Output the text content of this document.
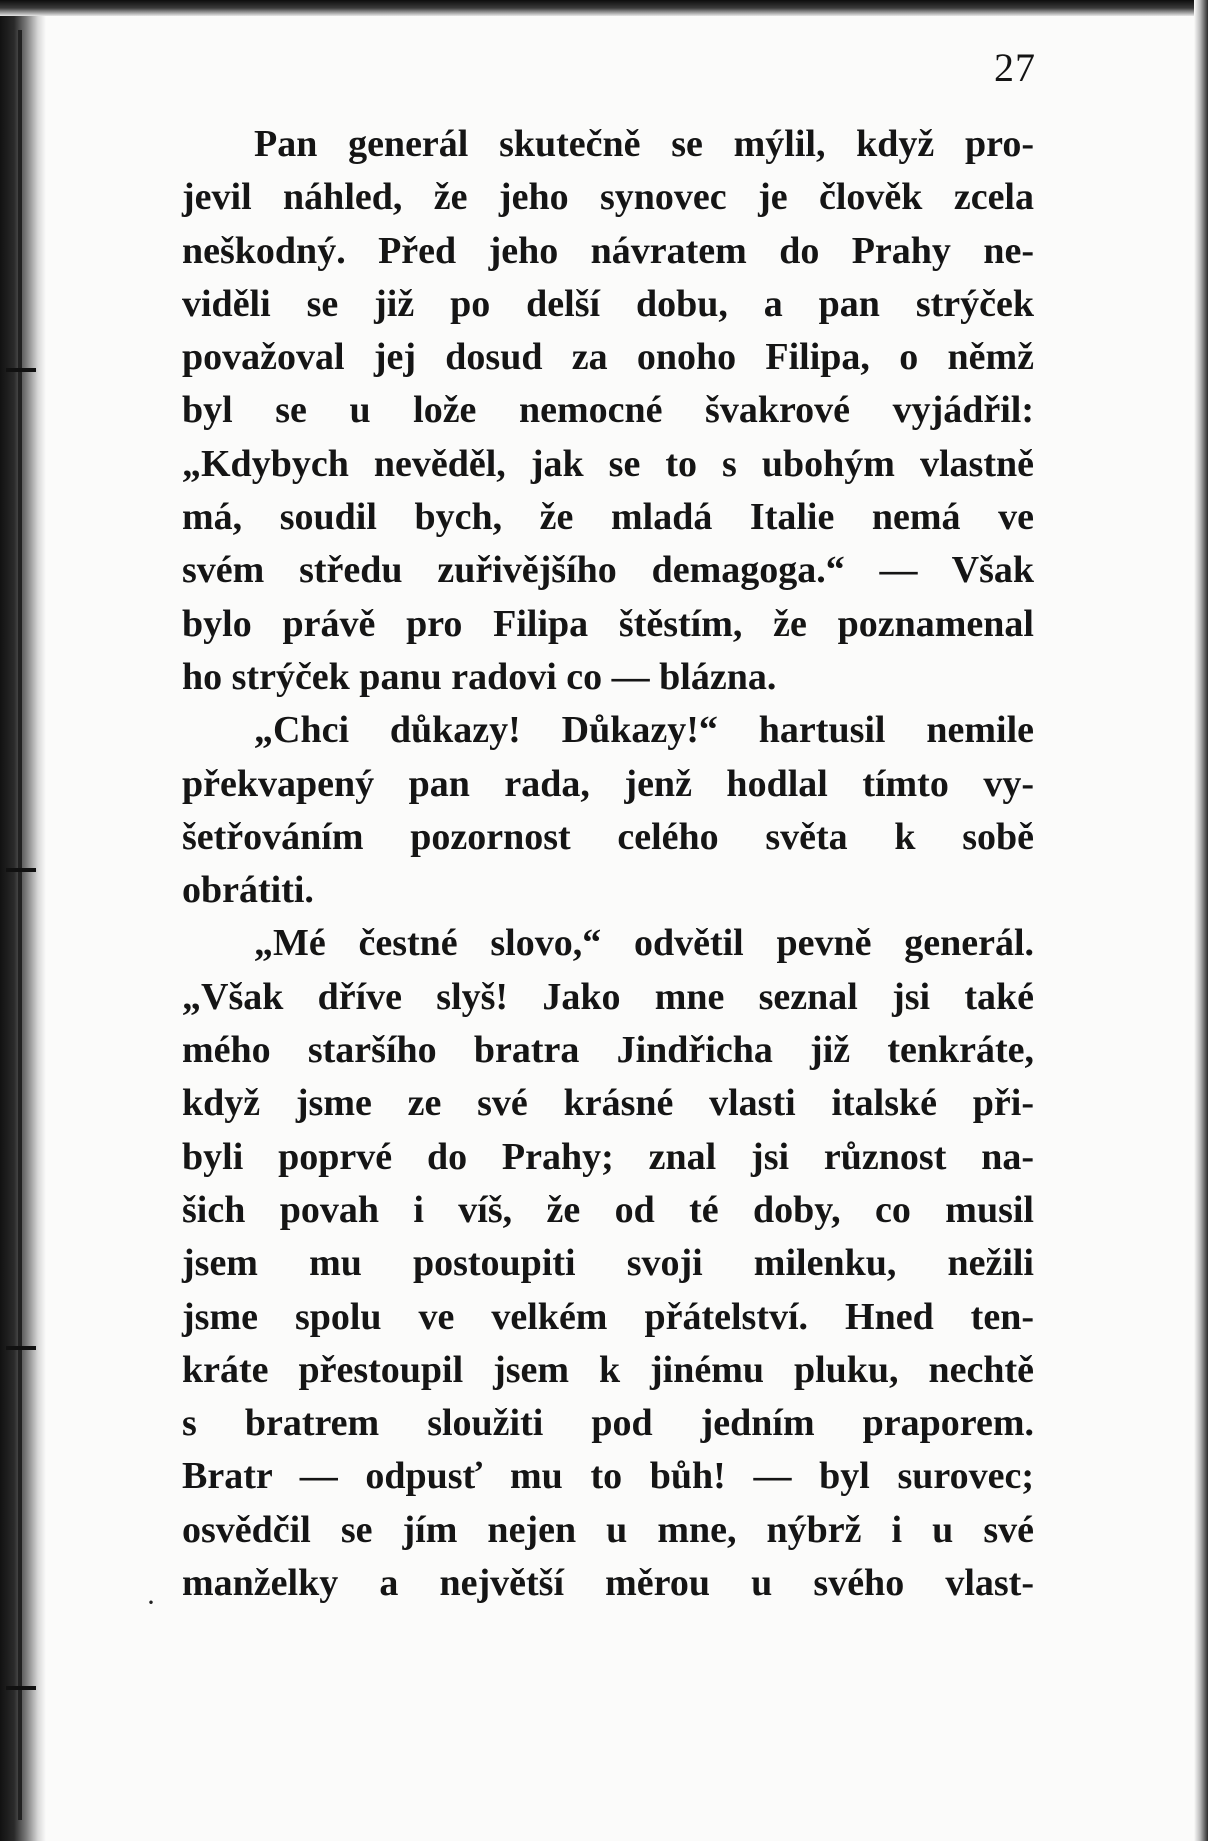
27
Pan generál skutečně se mýlil, když pro-
jevil náhled, že jeho synovec je člověk zcela
neškodný. Před jeho návratem do Prahy ne-
viděli se již po delší dobu, a pan strýček
považoval jej dosud za onoho Filipa, o němž
byl se u lože nemocné švakrové vyjádřil:
„Kdybych nevěděl, jak se to s ubohým vlastně
má, soudil bych, že mladá Italie nemá ve
svém středu zuřivějšího demagoga.“ — Však
bylo právě pro Filipa štěstím, že poznamenal
ho strýček panu radovi co — blázna.
„Chci důkazy! Důkazy!“ hartusil nemile
překvapený pan rada, jenž hodlal tímto vy-
šetřováním pozornost celého světa k sobě
obrátiti.
„Mé čestné slovo,“ odvětil pevně generál.
„Však dříve slyš! Jako mne seznal jsi také
mého staršího bratra Jindřicha již tenkráte,
když jsme ze své krásné vlasti italské při-
byli poprvé do Prahy; znal jsi různost na-
šich povah i víš, že od té doby, co musil
jsem mu postoupiti svoji milenku, nežili
jsme spolu ve velkém přátelství. Hned ten-
kráte přestoupil jsem k jinému pluku, nechtě
s bratrem sloužiti pod jedním praporem.
Bratr — odpusť mu to bůh! — byl surovec;
osvědčil se jím nejen u mne, nýbrž i u své
manželky a největší měrou u svého vlast-
·
